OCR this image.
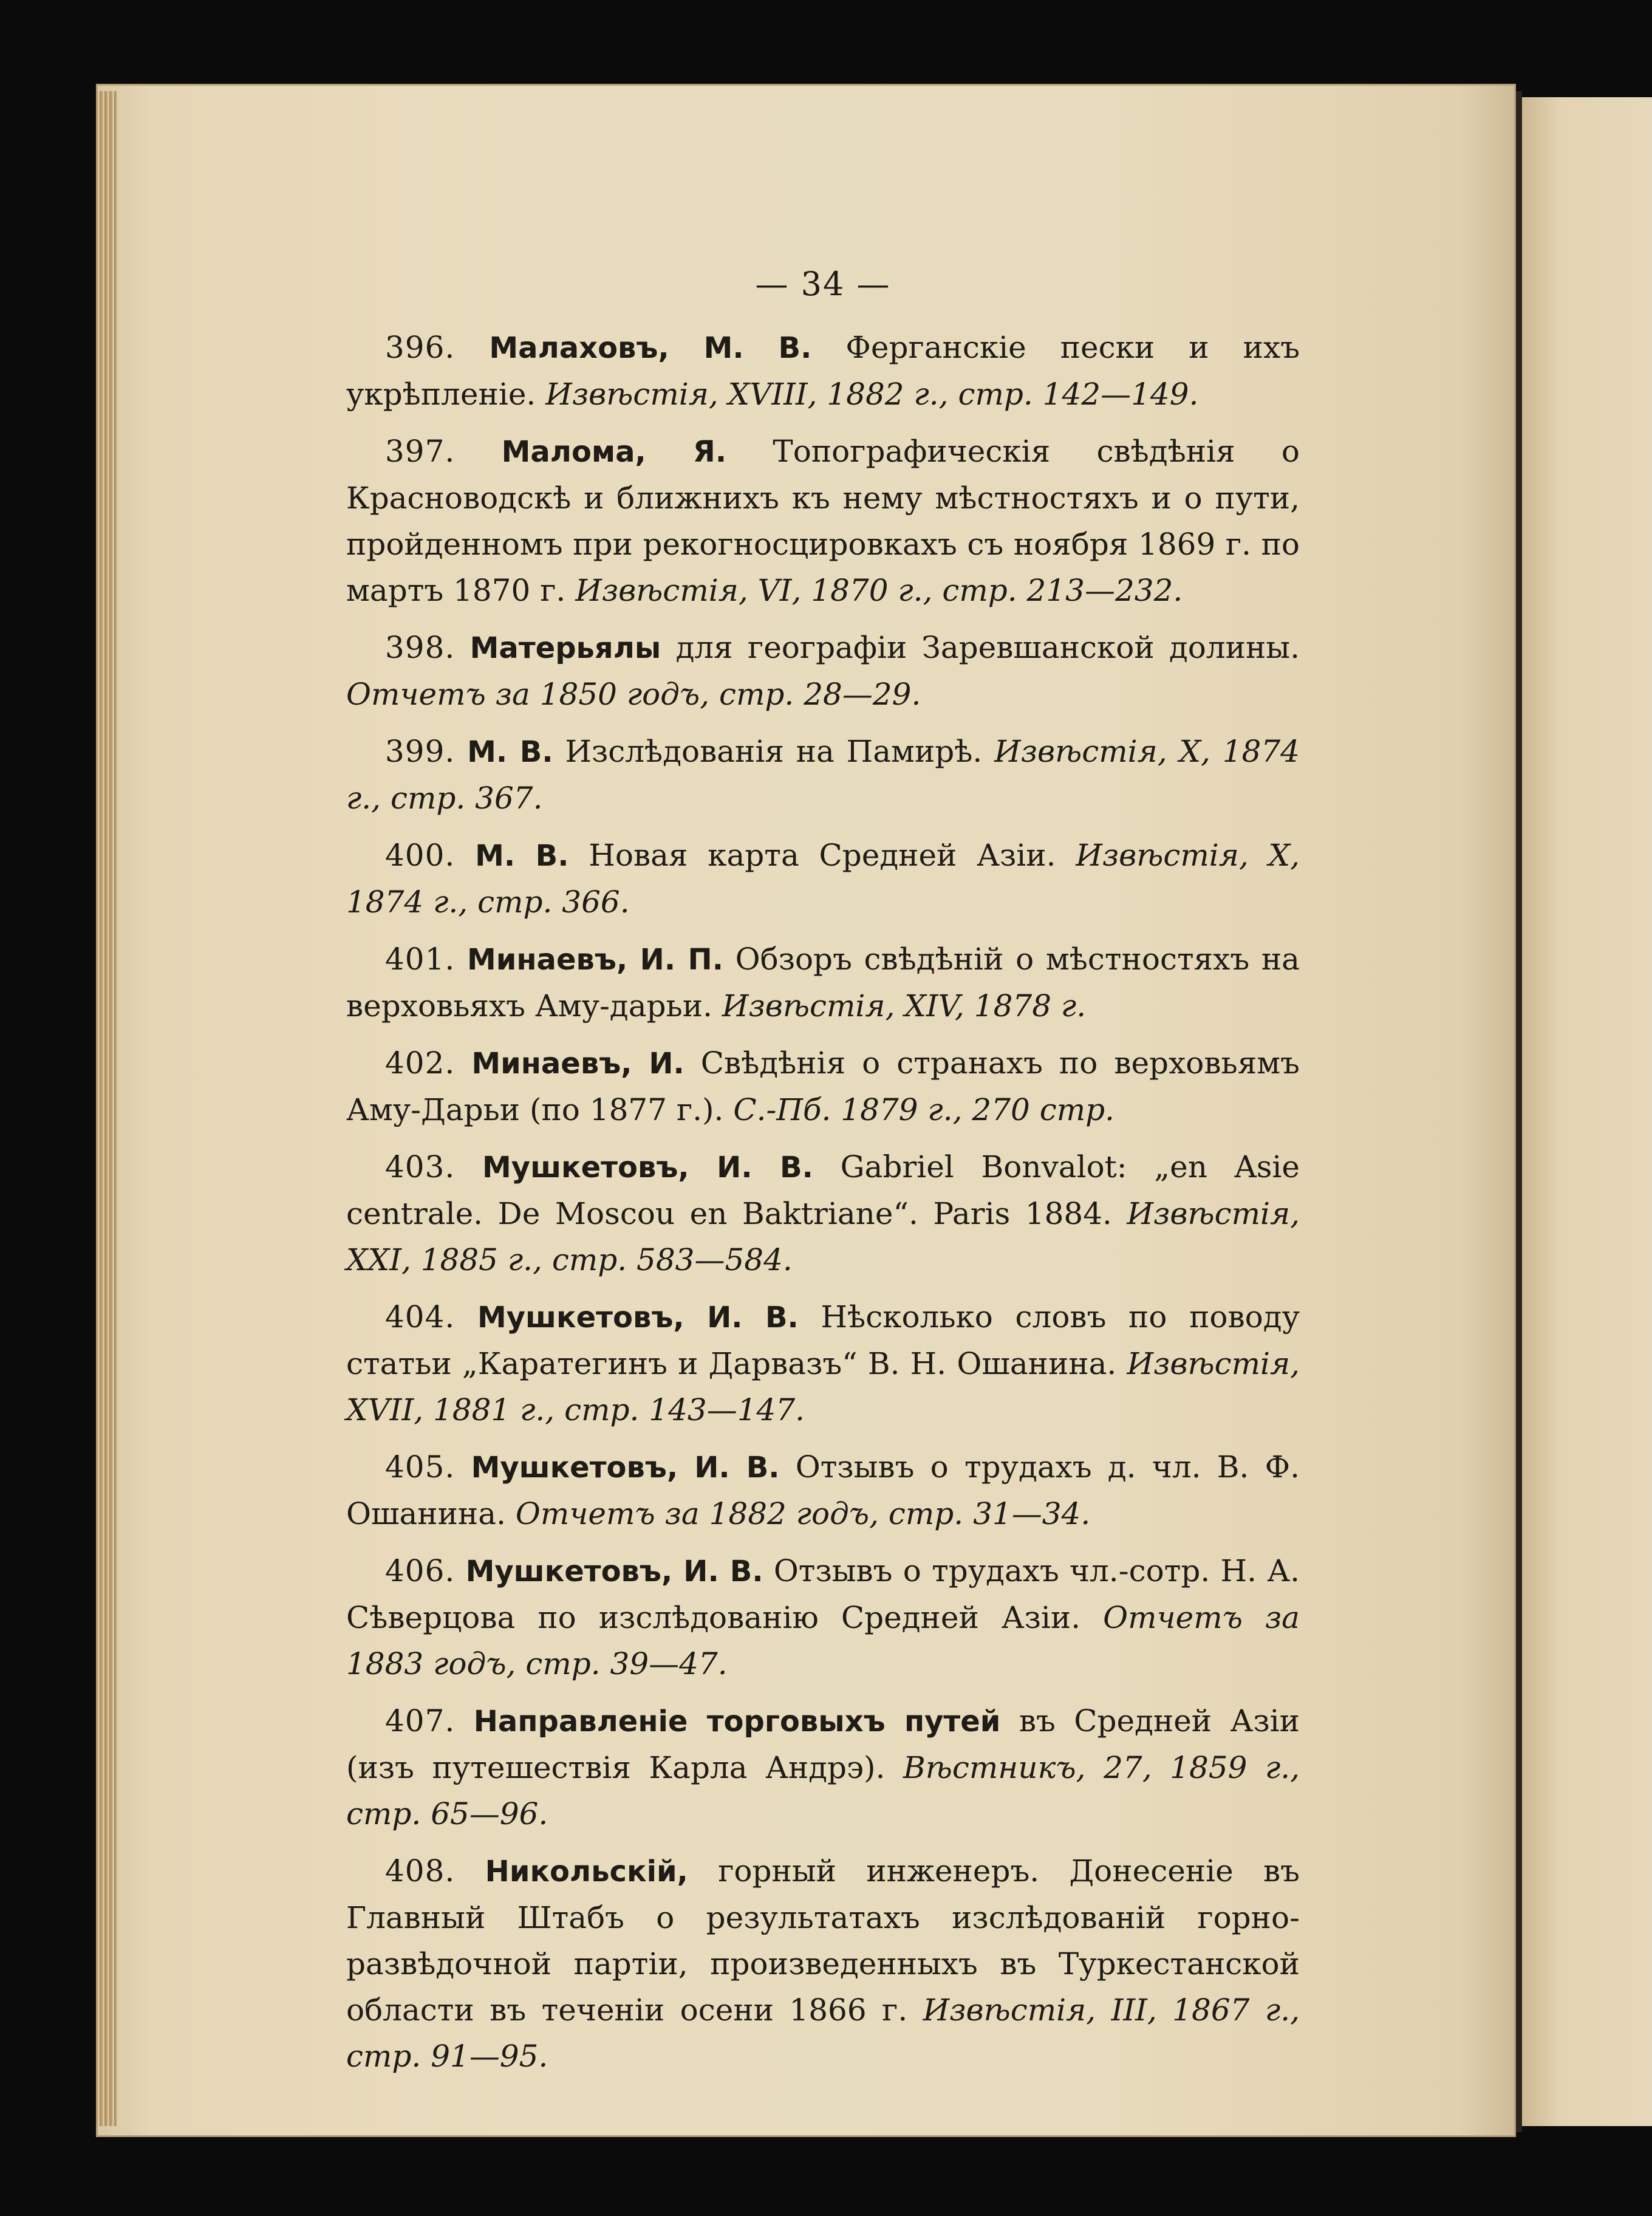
— 34 —

396. Малаховъ, М. В. Ферганскіе пески и ихъ укрѣпленіе. Извѣстія, XVIII, 1882 г., стр. 142—149.

397. Малома, Я. Топографическія свѣдѣнія о Красноводскѣ и ближнихъ къ нему мѣстностяхъ и о пути, пройденномъ при рекогносцировкахъ съ ноября 1869 г. по мартъ 1870 г. Извѣстія, VI, 1870 г., стр. 213—232.

398. Матерьялы для географіи Заревшанской долины. Отчетъ за 1850 годъ, стр. 28—29.

399. М. В. Изслѣдованія на Памирѣ. Извѣстія, X, 1874 г., стр. 367.

400. М. В. Новая карта Средней Азіи. Извѣстія, X, 1874 г., стр. 366.

401. Минаевъ, И. П. Обзоръ свѣдѣній о мѣстностяхъ на верховьяхъ Аму-дарьи. Извѣстія, XIV, 1878 г.

402. Минаевъ, И. Свѣдѣнія о странахъ по верховьямъ Аму-Дарьи (по 1877 г.). С.-Пб. 1879 г., 270 стр.

403. Мушкетовъ, И. В. Gabriel Bonvalot: „en Asie centrale. De Moscou en Baktriane“. Paris 1884. Извѣстія, XXI, 1885 г., стр. 583—584.

404. Мушкетовъ, И. В. Нѣсколько словъ по поводу статьи „Каратегинъ и Дарвазъ“ В. Н. Ошанина. Извѣстія, XVII, 1881 г., стр. 143—147.

405. Мушкетовъ, И. В. Отзывъ о трудахъ д. чл. В. Ф. Ошанина. Отчетъ за 1882 годъ, стр. 31—34.

406. Мушкетовъ, И. В. Отзывъ о трудахъ чл.-сотр. Н. А. Сѣверцова по изслѣдованію Средней Азіи. Отчетъ за 1883 годъ, стр. 39—47.

407. Направленіе торговыхъ путей въ Средней Азіи (изъ путешествія Карла Андрэ). Вѣстникъ, 27, 1859 г., стр. 65—96.

408. Никольскій, горный инженеръ. Донесеніе въ Главный Штабъ о результатахъ изслѣдованій горно-развѣдочной партіи, произведенныхъ въ Туркестанской области въ теченіи осени 1866 г. Извѣстія, III, 1867 г., стр. 91—95.
